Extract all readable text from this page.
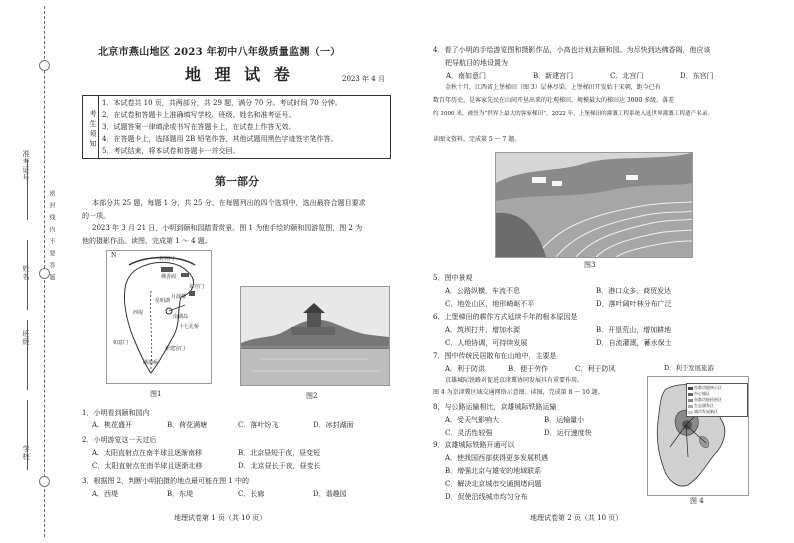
准考证号
姓名
班级
学校
密　封　线　内　不　要　答　题
北京市燕山地区 2023 年初中八年级质量监测（一）
地 理 试 卷	2023 年 4 月
考生须知
1．本试卷共 10 页，共两部分，共 29 题，满分 70 分。考试时间 70 分钟。
2．在试卷和答题卡上准确填写学校、班级、姓名和准考证号。
3．试题答案一律填涂或书写在答题卡上，在试卷上作答无效。
4．在答题卡上，选择题用 2B 铅笔作答，其他试题用黑色字迹签字笔作答。
5．考试结束，将本试卷和答题卡一并交回。
第一部分
本部分共 25 题，每题 1 分，共 25 分。在每题列出的四个选项中，选出最符合题目要求
的一项。
2023 年 3 月 21 日，小明到颐和园踏青赏景。图 1 为他手绘的颐和园游览图，图 2 为
他的摄影作品。读图，完成第 1 ～ 4 题。
N	北宫门
佛香阁
东宫门
昆明湖
西堤
南湖岛
十七孔桥
月波楼
新建宫门
绣漪桥
如意门
图1	图2
1．小明看到颐和园内
A．桃花盛开	B．荷花满塘	C．落叶纷飞	D．冰封湖面
2．小明游览这一天过后
A．太阳直射点在南半球且逐渐南移	B．北京昼短于夜，昼变短
C．太阳直射点在南半球且逐渐北移	D．北京昼长于夜，昼变长
3．根据图 2，判断小明拍摄的地点最可能在图 1 中的
A．西堤	B．东堤	C．长廊	D．谐趣园
地理试卷第 1 页（共 10 页）
4．看了小明的手绘游览图和摄影作品，小高也计划去颐和园。为尽快到达佛香阁，他应该
把导航目的地设置为
A．南如意门	B．新建宫门	C．北宫门	D．东宫门
金秋十月，江西省上堡梯田（图 3）层林尽染。上堡梯田开发始于宋朝，距今已有
数百年历史，是客家先民在山间开垦出来的壮观梯田，规模最大的梯田达 3000 多级，落差
约 1000 米，被誉为“世界上最大的客家梯田”。2022 年，上堡梯田的灌溉工程系统入选世界灌溉工程遗产名录。
读图文资料，完成第 5 ～ 7 题。
图3
5．图中景观
A．公路纵横，车流不息	B．港口众多，商贸发达
C．地处山区，地形崎岖不平	D．落叶阔叶林分布广泛
6．上堡梯田的耕作方式延续千年的根本原因是
A．筑坝打井，增加水源	B．开垦荒山，增加耕地
C．人地协调，可持续发展	D．自流灌溉，蓄水保土
7．图中传统民居散布在山地中，主要是
A．利于防洪	B．便于劳作	C．利于防风	D．利于发展旅游
京雄城际铁路对促进京津冀协同发展具有重要作用。
图 4 为京津冀区域交通网络示意图。读图，完成第 8 ～ 10 题。
8．与公路运输相比，京雄城际铁路运输
A．受天气影响大	B．运输量小
C．灵活性较强	D．运行速度快
9．京雄城际铁路开通可以
A．使我国西部获得更多发展机遇
B．增强北京与雄安的地域联系
C．解决北京城市交通拥堵问题
D．促使沿线城市均匀分布
首都功能核心区
中心城区
首都功能拓展区
生态涵养区
城市发展新区
图 4
地理试卷第 2 页（共 10 页）
